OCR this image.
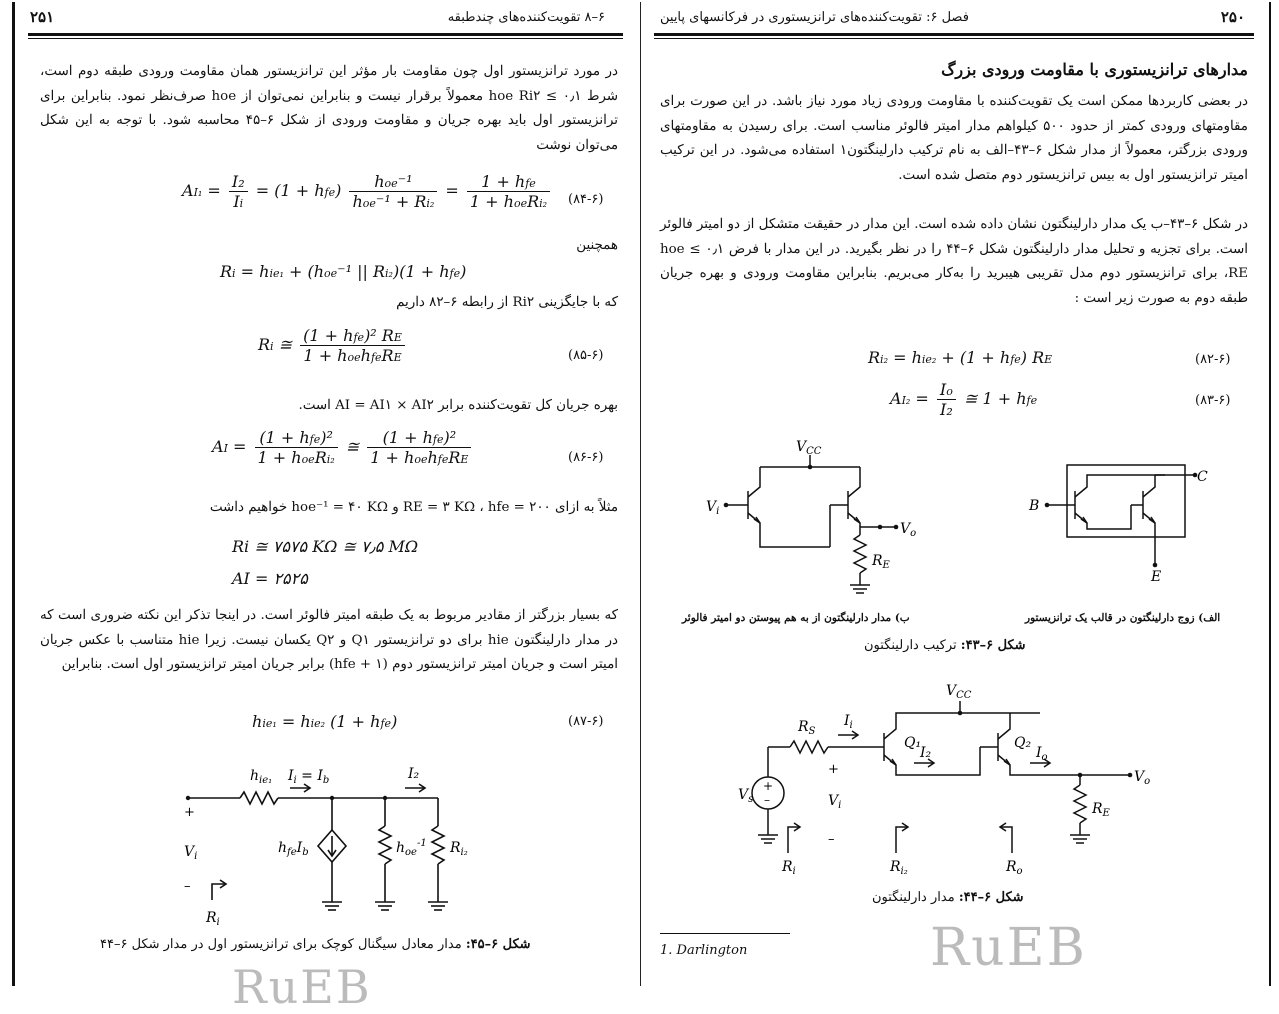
۶–۸ تقویت‌کننده‌های چندطبقه
۲۵۱

در مورد ترانزیستور اول چون مقاومت بار مؤثر این ترانزیستور همان مقاومت ورودی طبقه دوم است، شرط ۰٫۱ ≥ hoe Ri۲ معمولاً برقرار نیست و بنابراین نمی‌توان از hoe صرف‌نظر نمود. بنابراین برای ترانزیستور اول باید بهره جریان و مقاومت ورودی از شکل ۶–۴۵ محاسبه شود. با توجه به این شکل می‌توان نوشت

$AI_1 = \frac{\text{I₂}}{Ii} = (1 + hfe) \frac{\text{hoe⁻¹}}{\text{hoe⁻¹ + Ri₂}} = \frac{\text{1 + hfe}}{\text{1 + hoeRi₂}}$ (۸۴-۶)
همچنین
Ri = hie₁ + (hoe⁻¹ || Ri₂)(1 + hfe)
که با جایگزینی Ri۲ از رابطه ۶–۸۲ داریم
Ri ≅ $\frac{\text{(1 + hfe)² RE}}{\text{1 + hoehfeRE}}$	(۸۵-۶)
بهره جریان کل تقویت‌کننده برابر AI = AI۱ × AI۲ است.
AI = $\frac{\text{(1 + hfe)²}}{\text{1 + hoeRi₂}}$ ≅ $\frac{\text{(1 + hfe)²}}{\text{1 + hoehfeRE}}$	(۸۶-۶)
مثلاً به ازای RE = ۳ KΩ ، hfe = ۲۰۰ و hoe⁻¹ = ۴۰ KΩ خواهیم داشت
Ri ≅ ۷۵۷۵ KΩ ≅ ۷٫۵ MΩ
AI = ۲۵۲۵

که بسیار بزرگتر از مقادیر مربوط به یک طبقه امیتر فالوئر است. در اینجا تذکر این نکته ضروری است که در مدار دارلینگتون hie برای دو ترانزیستور Q۱ و Q۲ یکسان نیست. زیرا hie متناسب با عکس جریان امیتر است و جریان امیتر ترانزیستور دوم (hfe + ۱) برابر جریان امیتر ترانزیستور اول است. بنابراین

hie₁ = hie₂ (1 + hfe)	(۸۷-۶)
$h_{ie_1}$ $I_i = I_b$	I₂
+
$V_i$
–
$h_{fe}I_b$	$h_{oe}^{-1}$ $R_{i_2}$
$R_i$
شکل ۶–۴۵: مدار معادل سیگنال کوچک برای ترانزیستور اول در مدار شکل ۶–۴۴
RuEB
۲۵۰
فصل ۶: تقویت‌کننده‌های ترانزیستوری در فرکانسهای پایین
مدارهای ترانزیستوری با مقاومت ورودی بزرگ

در بعضی کاربردها ممکن است یک تقویت‌کننده با مقاومت ورودی زیاد مورد نیاز باشد. در این صورت برای مقاومتهای ورودی کمتر از حدود ۵۰۰ کیلواهم مدار امیتر فالوئر مناسب است. برای رسیدن به مقاومتهای ورودی بزرگتر، معمولاً از مدار شکل ۶–۴۳–الف به نام ترکیب دارلینگتون۱ استفاده می‌شود. در این ترکیب امیتر ترانزیستور اول به بیس ترانزیستور دوم متصل شده است.

در شکل ۶–۴۳–ب یک مدار دارلینگتون نشان داده شده است. این مدار در حقیقت متشکل از دو امیتر فالوئر است. برای تجزیه و تحلیل مدار دارلینگتون شکل ۶–۴۴ را در نظر بگیرید. در این مدار با فرض ۰٫۱ ≥ hoe RE، برای ترانزیستور دوم مدل تقریبی هیبرید را به‌کار می‌بریم. بنابراین مقاومت ورودی و بهره جریان طبقه دوم به صورت زیر است :

Ri₂ = hie₂ + (1 + hfe) RE	(۸۲-۶)
$AI_2 = \frac{Io}{\text{I₂}}$ ≅ 1 + hfe	(۸۳-۶)
$V_{CC}$
$V_i$
$V_o$
$R_E$
B
C
E
الف) زوج دارلینگتون در قالب یک ترانزیستور
ب) مدار دارلینگتون از به هم پیوستن دو امیتر فالوئر
شکل ۶–۴۳: ترکیب دارلینگتون
+
–
$V_s$
$R_S$
$I_i$
+
$V_i$
–
Q₁	Q₂
I₂
$V_{CC}$
$I_o$
$V_o$
$R_E$
$R_i$	$R_{i_2}$	$R_o$
شکل ۶–۴۴: مدار دارلینگتون
1. Darlington	RuEB
